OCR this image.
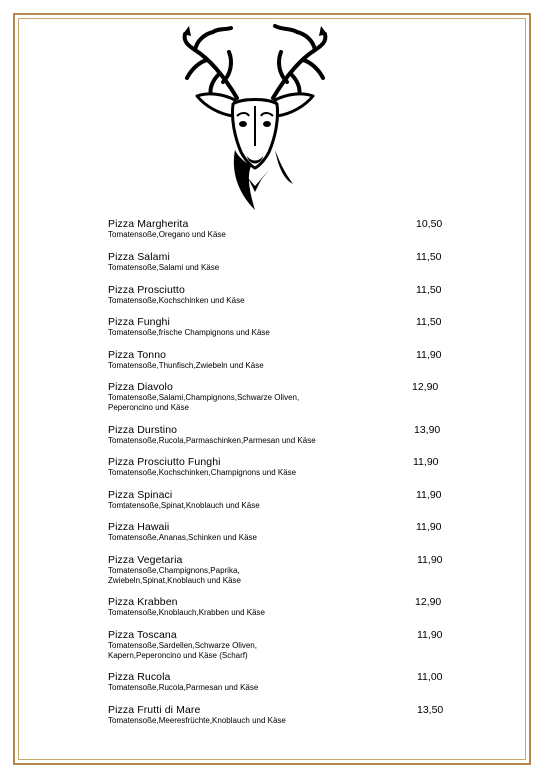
Pizza Margherita
Tomatensoße,Oregano und Käse
10,50
Pizza Salami
Tomatensoße,Salami und Käse
11,50
Pizza Prosciutto
Tomatensoße,Kochschinken und Käse
11,50
Pizza Funghi
Tomatensoße,frische Champignons und Käse
11,50
Pizza Tonno
Tomatensoße,Thunfisch,Zwiebeln und Käse
11,90
Pizza Diavolo
Tomatensoße,Salami,Champignons,Schwarze Oliven,
Peperoncino und Käse
12,90
Pizza Durstino
Tomatensoße,Rucola,Parmaschinken,Parmesan und Käse
13,90
Pizza Prosciutto Funghi
Tomatensoße,Kochschinken,Champignons und Käse
11,90
Pizza Spinaci
Tomtatensoße,Spinat,Knoblauch und Käse
11,90
Pizza Hawaii
Tomatensoße,Ananas,Schinken und Käse
11,90
Pizza Vegetaria
Tomatensoße,Champignons,Paprika,
Zwiebeln,Spinat,Knoblauch und Käse
11,90
Pizza Krabben
Tomatensoße,Knoblauch,Krabben und Käse
12,90
Pizza Toscana
Tomatensoße,Sardellen,Schwarze Oliven,
Kapern,Peperoncino und Käse (Scharf)
11,90
Pizza Rucola
Tomatensoße,Rucola,Parmesan und Käse
11,00
Pizza Frutti di Mare
Tomatensoße,Meeresfrüchte,Knoblauch und Käse
13,50
